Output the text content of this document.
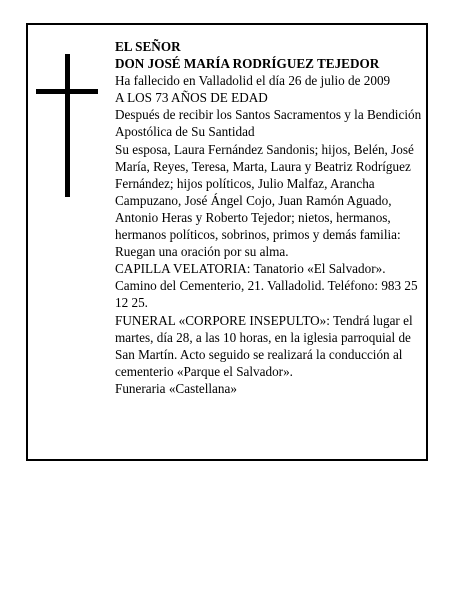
EL SEÑOR

DON JOSÉ MARÍA RODRÍGUEZ TEJEDOR

Ha fallecido en Valladolid el día 26 de julio de 2009

A LOS 73 AÑOS DE EDAD

Después de recibir los Santos Sacramentos y la Bendición Apostólica de Su Santidad

Su esposa, Laura Fernández Sandonis; hijos, Belén, José María, Reyes, Teresa, Marta, Laura y Beatriz Rodríguez Fernández; hijos políticos, Julio Malfaz, Arancha Campuzano, José Ángel Cojo, Juan Ramón Aguado, Antonio Heras y Roberto Tejedor; nietos, hermanos, hermanos políticos, sobrinos, primos y demás familia:

Ruegan una oración por su alma.

CAPILLA VELATORIA: Tanatorio «El Salvador». Camino del Cementerio, 21. Valladolid. Teléfono: 983 25 12 25.

FUNERAL «CORPORE INSEPULTO»: Tendrá lugar el martes, día 28, a las 10 horas, en la iglesia parroquial de San Martín. Acto seguido se realizará la conducción al cementerio «Parque el Salvador».

Funeraria «Castellana»
